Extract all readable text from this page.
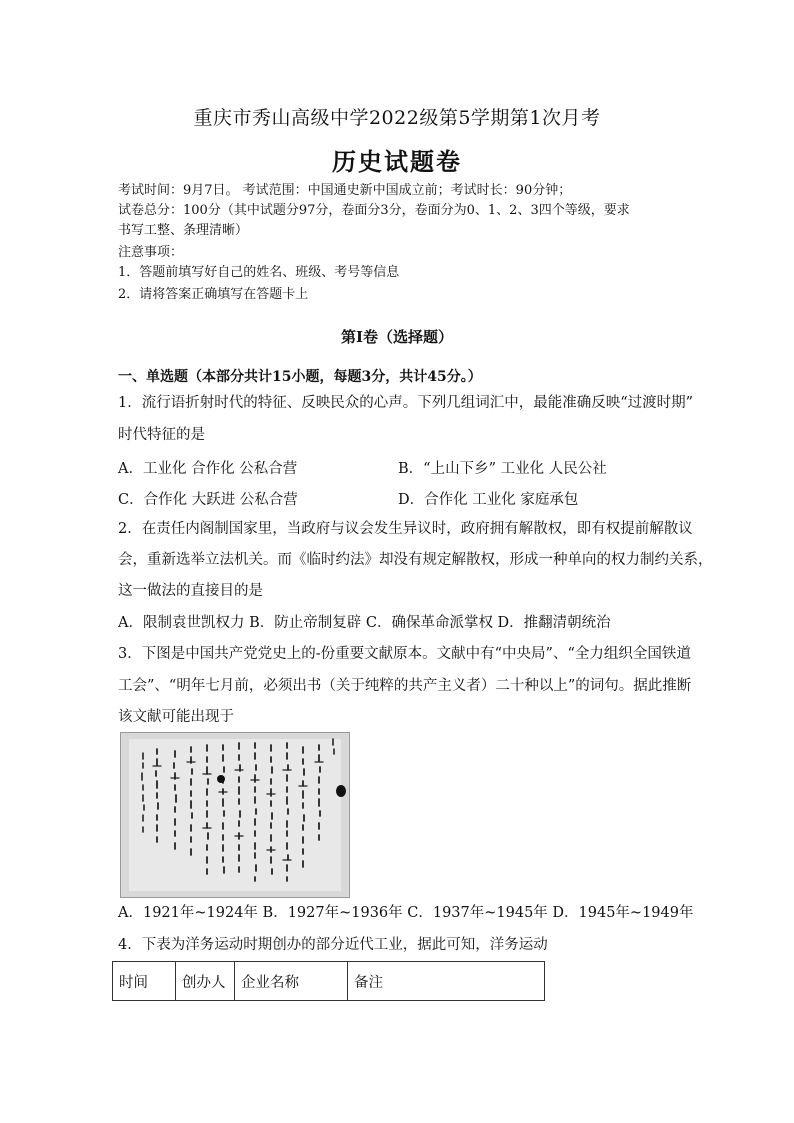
重庆市秀山高级中学2022级第5学期第1次月考
历史试题卷
考试时间：9月7日。 考试范围：中国通史新中国成立前；考试时长：90分钟；
试卷总分：100分（其中试题分97分，卷面分3分，卷面分为0、1、2、3四个等级，要求
书写工整、条理清晰）
注意事项：
1．答题前填写好自己的姓名、班级、考号等信息
2．请将答案正确填写在答题卡上
第I卷（选择题）
一、单选题（本部分共计15小题，每题3分，共计45分。）
1．流行语折射时代的特征、反映民众的心声。下列几组词汇中，最能准确反映“过渡时期”
时代特征的是
A．工业化 合作化 公私合营	B．“上山下乡” 工业化 人民公社
C．合作化 大跃进 公私合营	D．合作化 工业化 家庭承包
2．在责任内阁制国家里，当政府与议会发生异议时，政府拥有解散权，即有权提前解散议
会，重新选举立法机关。而《临时约法》却没有规定解散权，形成一种单向的权力制约关系，
这一做法的直接目的是
A．限制袁世凯权力 B．防止帝制复辟 C．确保革命派掌权 D．推翻清朝统治
3．下图是中国共产党党史上的-份重要文献原本。文献中有“中央局”、“全力组织全国铁道
工会”、“明年七月前，必须出书（关于纯粹的共产主义者）二十种以上”的词句。据此推断
该文献可能出现于
A．1921年~1924年 B．1927年~1936年 C．1937年~1945年 D．1945年~1949年
4．下表为洋务运动时期创办的部分近代工业，据此可知，洋务运动
时间	创办人	企业名称	备注
